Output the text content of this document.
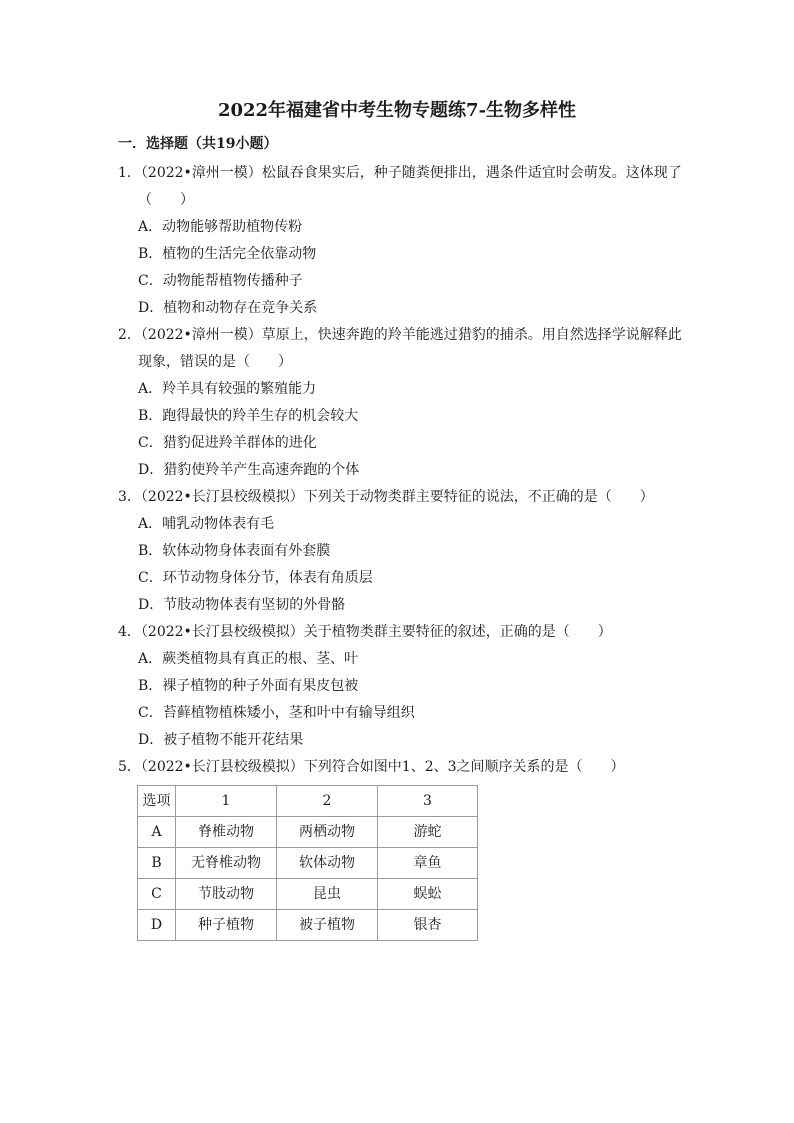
2022年福建省中考生物专题练7-生物多样性
一．选择题（共19小题）

1．（2022•漳州一模）松鼠吞食果实后，种子随粪便排出，遇条件适宜时会萌发。这体现了

（　　）

A．动物能够帮助植物传粉

B．植物的生活完全依靠动物

C．动物能帮植物传播种子

D．植物和动物存在竞争关系

2．（2022•漳州一模）草原上，快速奔跑的羚羊能逃过猎豹的捕杀。用自然选择学说解释此

现象，错误的是（　　）

A．羚羊具有较强的繁殖能力

B．跑得最快的羚羊生存的机会较大

C．猎豹促进羚羊群体的进化

D．猎豹使羚羊产生高速奔跑的个体

3．（2022•长汀县校级模拟）下列关于动物类群主要特征的说法，不正确的是（　　）

A．哺乳动物体表有毛

B．软体动物身体表面有外套膜

C．环节动物身体分节，体表有角质层

D．节肢动物体表有坚韧的外骨骼

4．（2022•长汀县校级模拟）关于植物类群主要特征的叙述，正确的是（　　）

A．蕨类植物具有真正的根、茎、叶

B．裸子植物的种子外面有果皮包被

C．苔藓植物植株矮小，茎和叶中有输导组织

D．被子植物不能开花结果

5．（2022•长汀县校级模拟）下列符合如图中1、2、3之间顺序关系的是（　　）

选项	1	2	3
A	脊椎动物	两栖动物	游蛇
B	无脊椎动物	软体动物	章鱼
C	节肢动物	昆虫	蜈蚣
D	种子植物	被子植物	银杏
